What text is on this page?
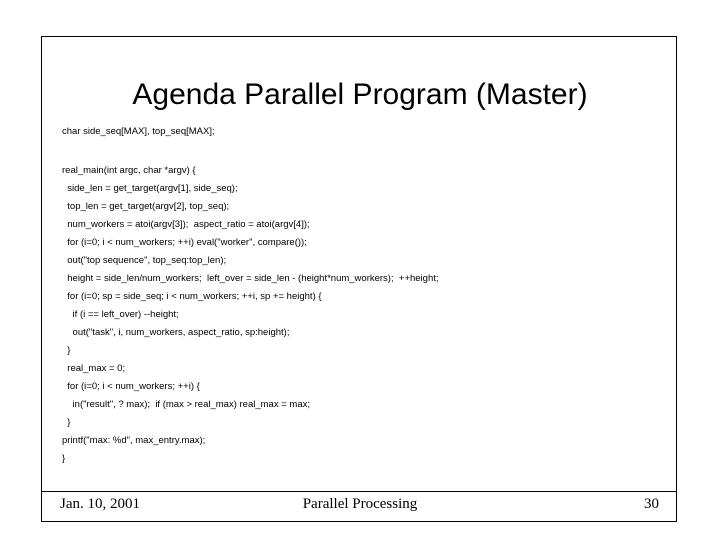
Agenda Parallel Program (Master)
char side_seq[MAX], top_seq[MAX];
real_main(int argc, char *argv) {
side_len = get_target(argv[1], side_seq);
top_len = get_target(argv[2], top_seq);
num_workers = atoi(argv[3]);  aspect_ratio = atoi(argv[4]);
for (i=0; i < num_workers; ++i) eval("worker", compare());
out("top sequence", top_seq:top_len);
height = side_len/num_workers;  left_over = side_len - (height*num_workers);  ++height;
for (i=0; sp = side_seq; i < num_workers; ++i, sp += height) {
if (i == left_over) --height;
out("task", i, num_workers, aspect_ratio, sp:height);
}
real_max = 0;
for (i=0; i < num_workers; ++i) {
in("result", ? max);  if (max > real_max) real_max = max;
}
printf("max: %d", max_entry.max);
}
Jan. 10, 2001	Parallel Processing	30
